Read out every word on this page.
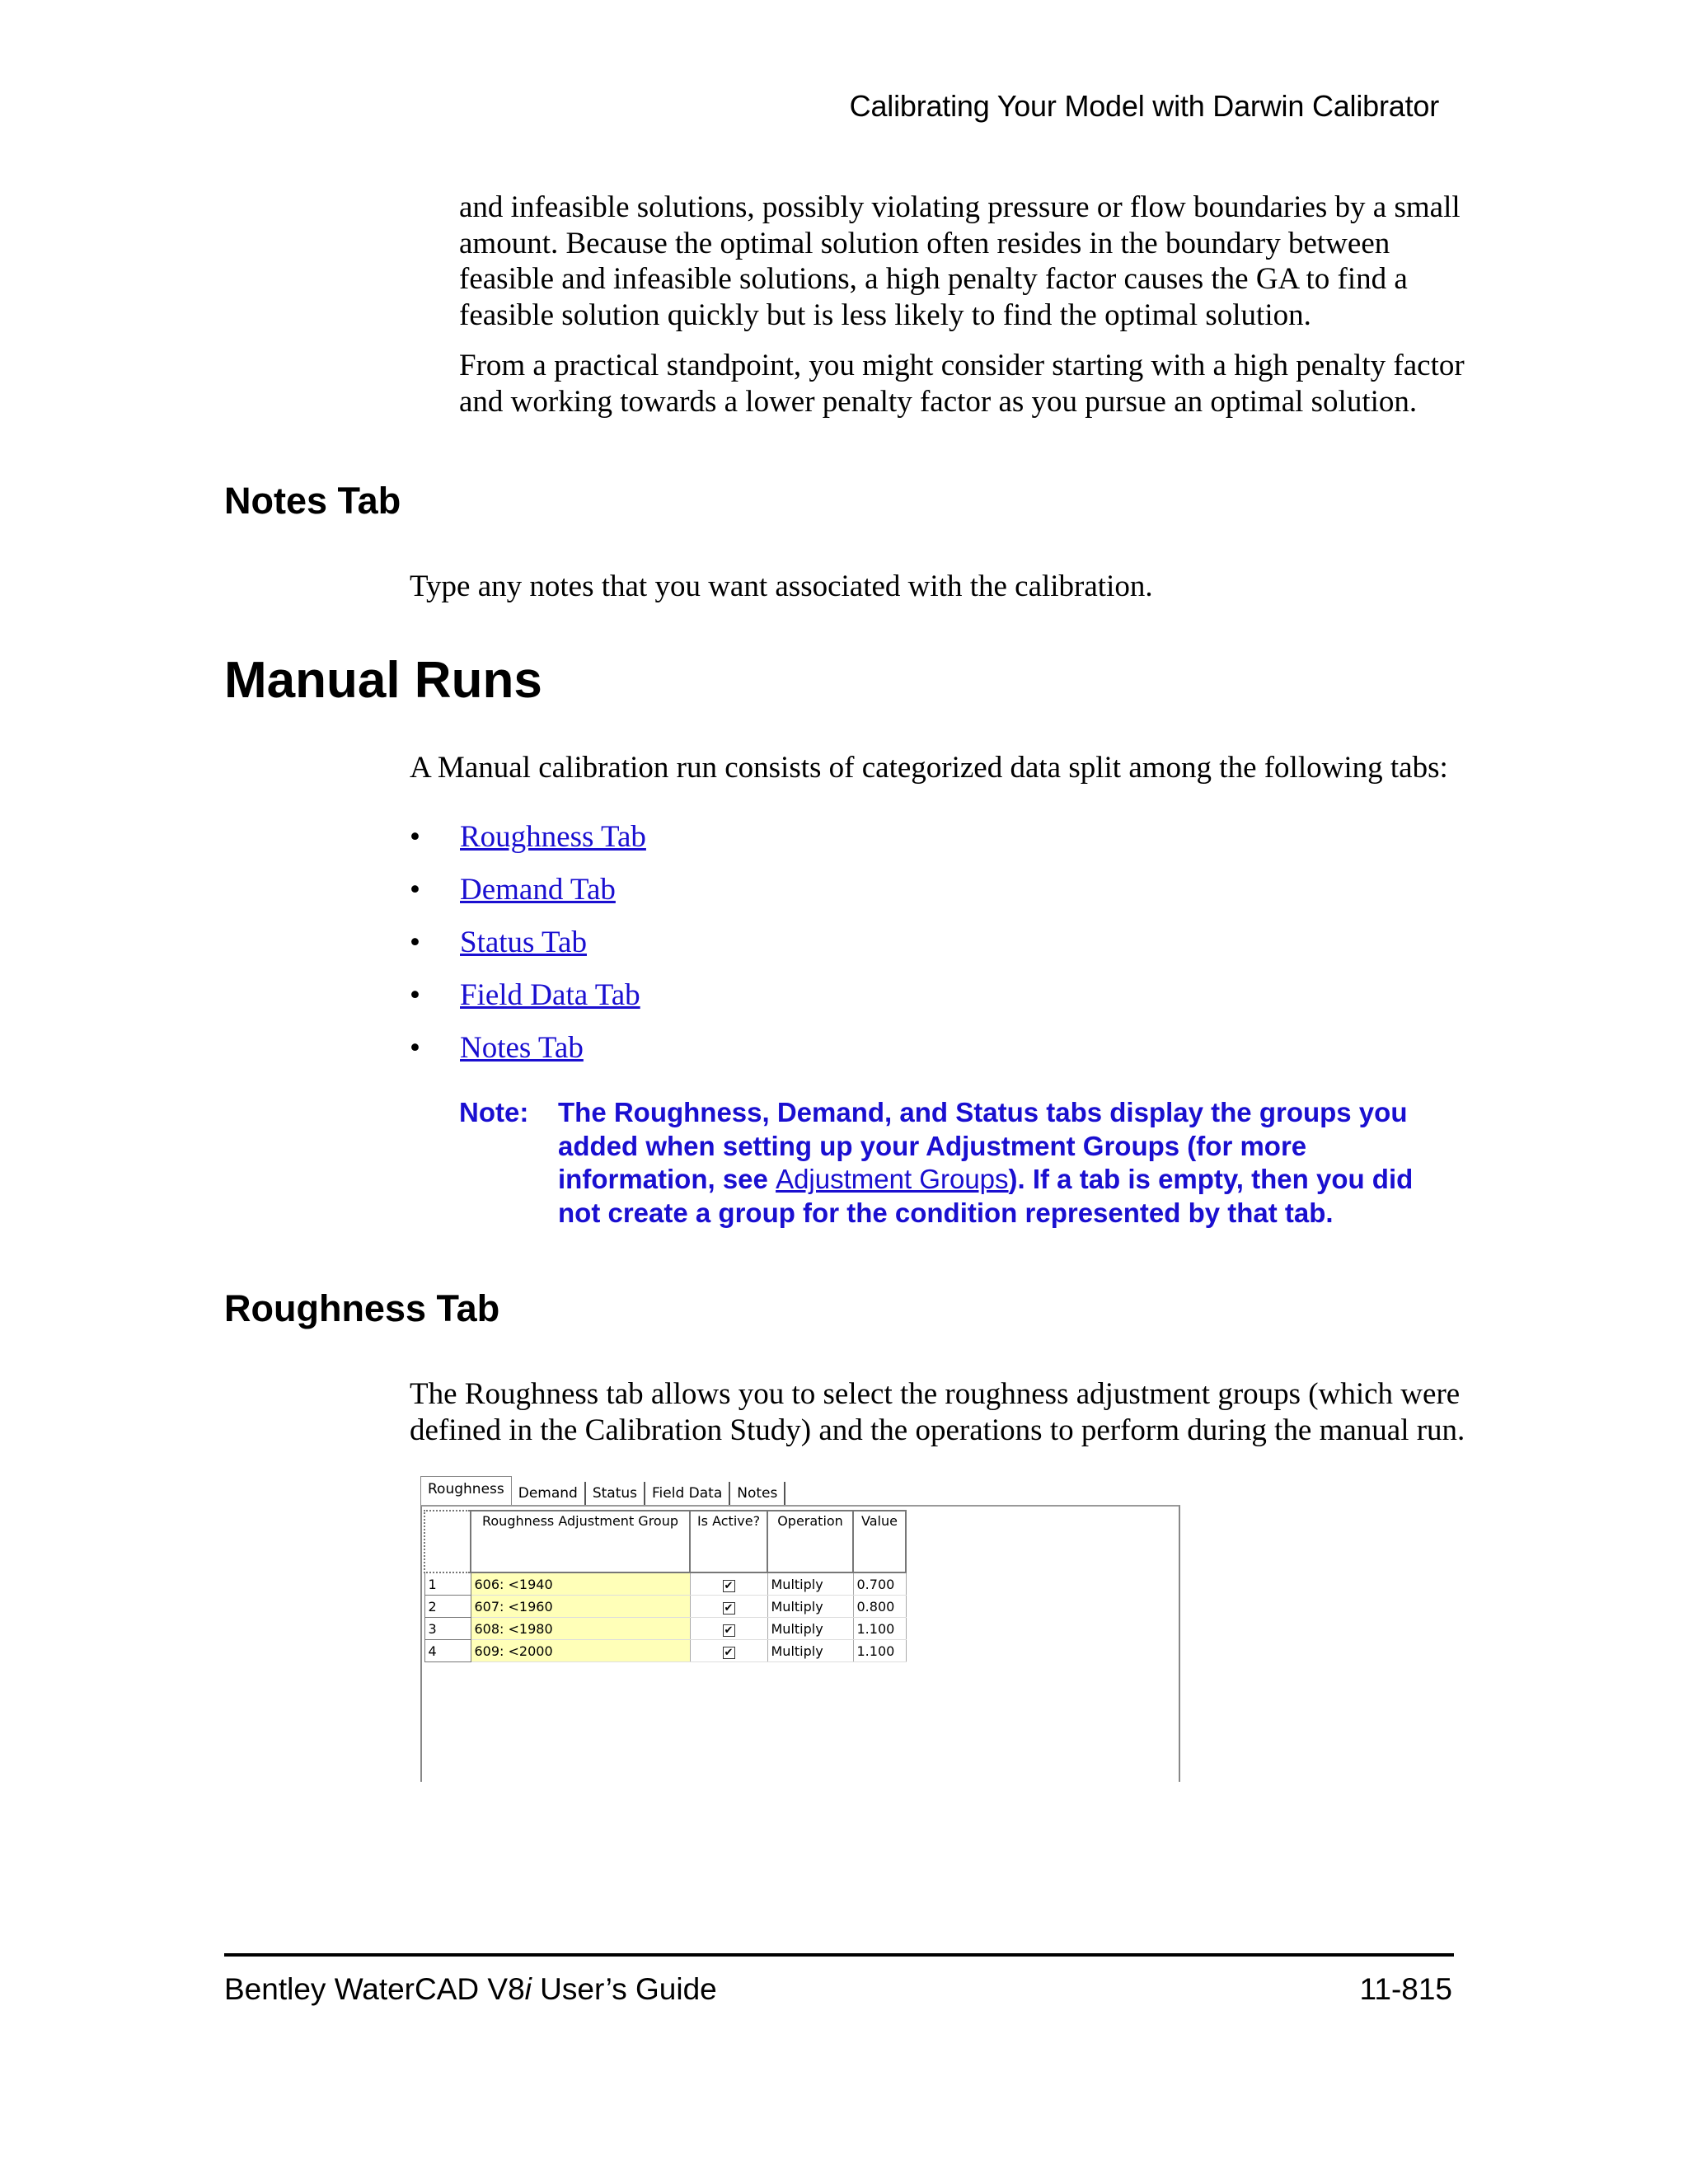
Calibrating Your Model with Darwin Calibrator

and infeasible solutions, possibly violating pressure or flow boundaries by a small amount. Because the optimal solution often resides in the boundary between feasible and infeasible solutions, a high penalty factor causes the GA to find a feasible solution quickly but is less likely to find the optimal solution.

From a practical standpoint, you might consider starting with a high penalty factor and working towards a lower penalty factor as you pursue an optimal solution.

Notes Tab
Type any notes that you want associated with the calibration.
Manual Runs
A Manual calibration run consists of categorized data split among the following tabs:
• Roughness Tab
• Demand Tab
• Status Tab
• Field Data Tab
• Notes Tab
Note: The Roughness, Demand, and Status tabs display the groups you added when setting up your Adjustment Groups (for more information, see Adjustment Groups). If a tab is empty, then you did not create a group for the condition represented by that tab.
Roughness Tab
The Roughness tab allows you to select the roughness adjustment groups (which were defined in the Calibration Study) and the operations to perform during the manual run.
Roughness	Demand	Status	Field Data	Notes
	Roughness Adjustment Group	Is Active?	Operation	Value
1	606: <1940	✔	Multiply	0.700
2	607: <1960	✔	Multiply	0.800
3	608: <1980	✔	Multiply	1.100
4	609: <2000	✔	Multiply	1.100
Bentley WaterCAD V8i User’s Guide	11-815
